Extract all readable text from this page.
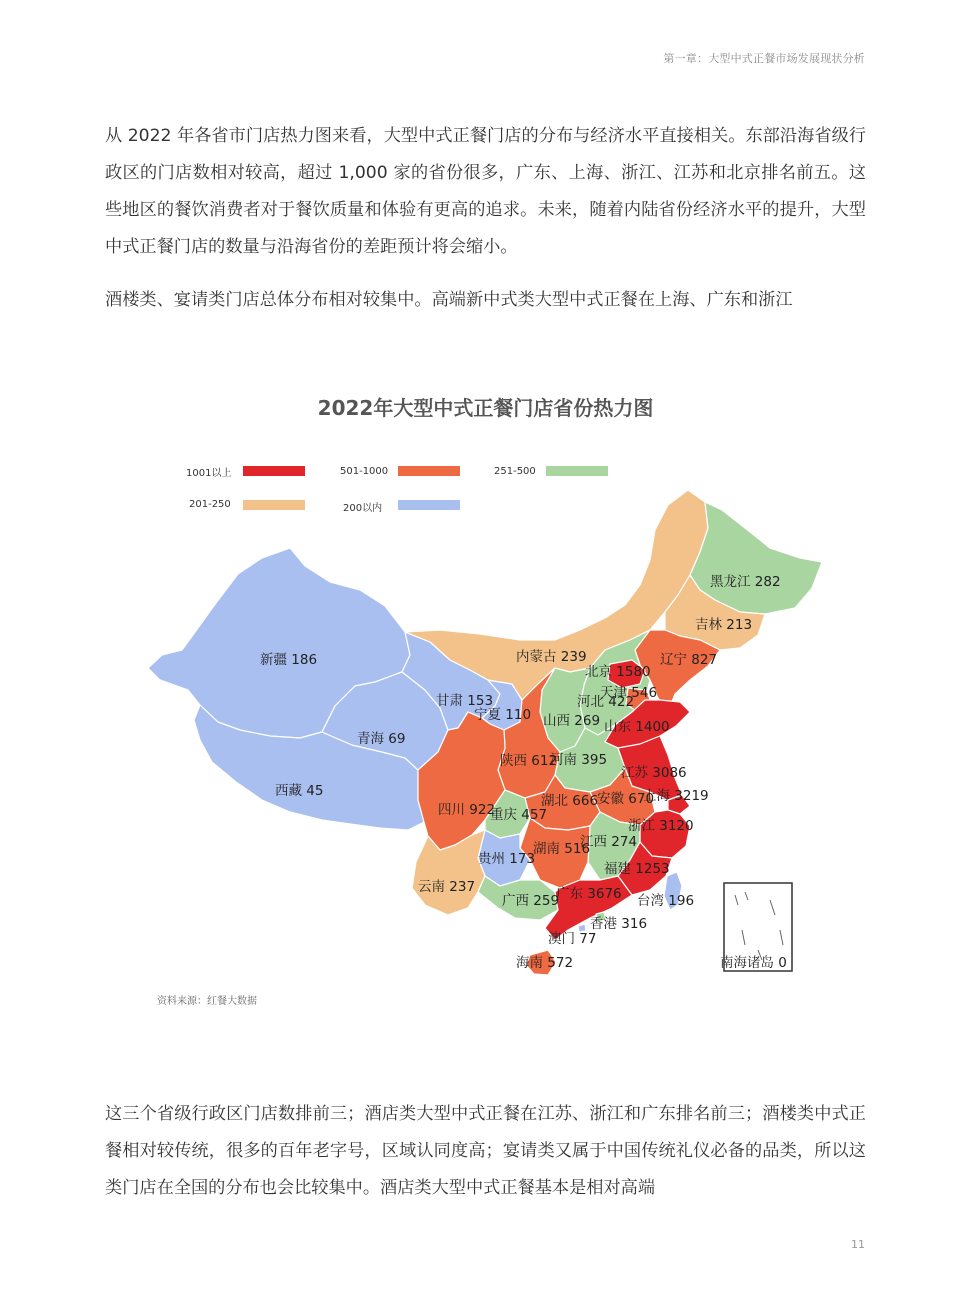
第一章：大型中式正餐市场发展现状分析

从 2022 年各省市门店热力图来看，大型中式正餐门店的分布与经济水平直接相关。东部沿海省级行政区的门店数相对较高，超过 1,000 家的省份很多，广东、上海、浙江、江苏和北京排名前五。这些地区的餐饮消费者对于餐饮质量和体验有更高的追求。未来，随着内陆省份经济水平的提升，大型中式正餐门店的数量与沿海省份的差距预计将会缩小。

酒楼类、宴请类门店总体分布相对较集中。高端新中式类大型中式正餐在上海、广东和浙江

2022年大型中式正餐门店省份热力图
1001以上	501-1000	251-500
201-250	200以内
新疆 186
西藏 45
青海 69
甘肃 153
宁夏 110
内蒙古 239
黑龙江 282
吉林 213
辽宁 827
北京 1580
天津 546
河北 422
山西 269 山东 1400
陕西 612
河南 395
江苏 3086
安徽 670
上海 3219
湖北 666
四川 922
重庆 457
浙江 3120
江西 274
湖南 516
贵州 173
云南 237
福建 1253
广西 259
广东 3676 台湾 196
香港 316
澳门 77
海南 572	南海诸岛 0
资料来源：红餐大数据

这三个省级行政区门店数排前三；酒店类大型中式正餐在江苏、浙江和广东排名前三；酒楼类中式正餐相对较传统，很多的百年老字号，区域认同度高；宴请类又属于中国传统礼仪必备的品类，所以这类门店在全国的分布也会比较集中。酒店类大型中式正餐基本是相对高端

11
